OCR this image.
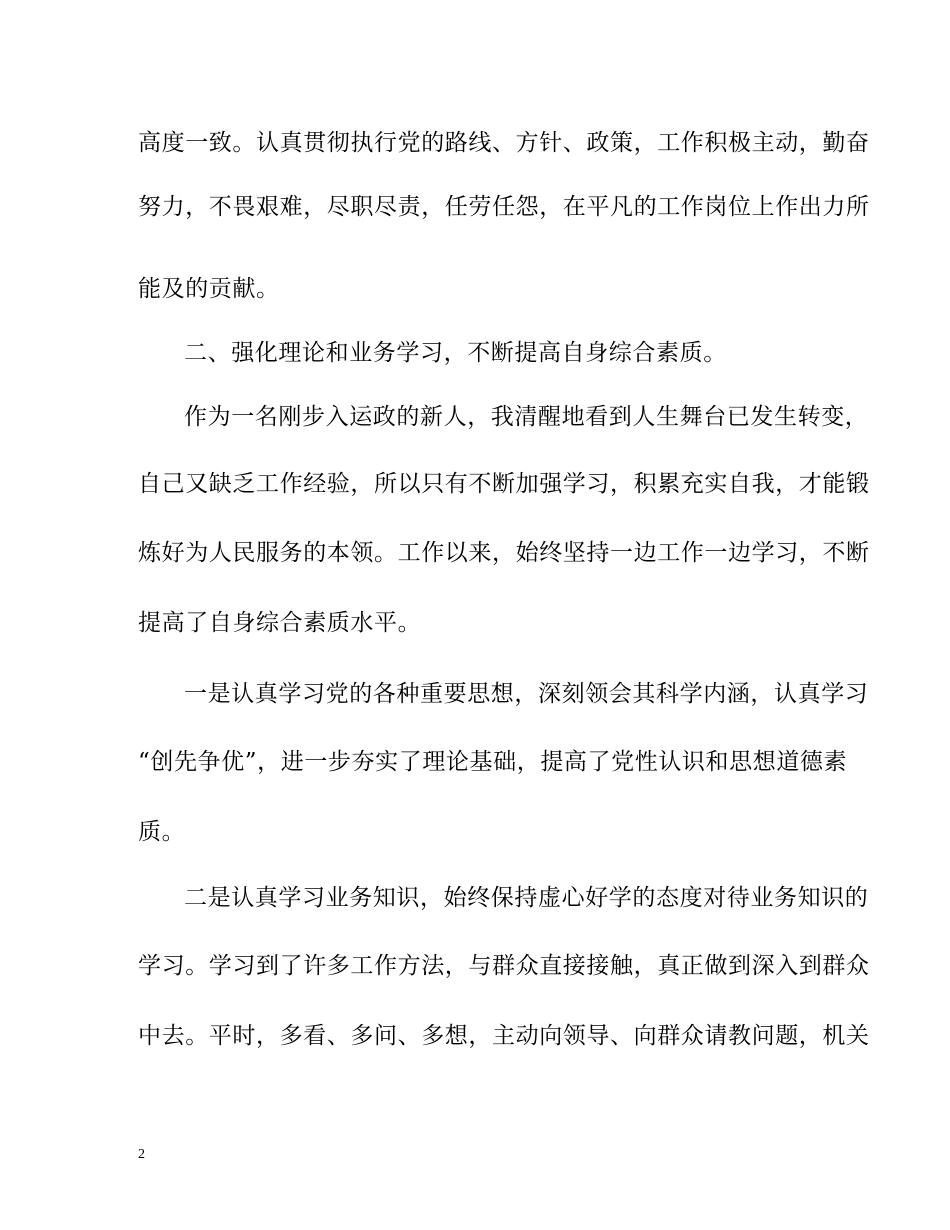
高度一致。认真贯彻执行党的路线、方针、政策，工作积极主动，勤奋
努力，不畏艰难，尽职尽责，任劳任怨，在平凡的工作岗位上作出力所
能及的贡献。
二、强化理论和业务学习，不断提高自身综合素质。
作为一名刚步入运政的新人，我清醒地看到人生舞台已发生转变，
自己又缺乏工作经验，所以只有不断加强学习，积累充实自我，才能锻
炼好为人民服务的本领。工作以来，始终坚持一边工作一边学习，不断
提高了自身综合素质水平。
一是认真学习党的各种重要思想，深刻领会其科学内涵，认真学习
“创先争优”，进一步夯实了理论基础，提高了党性认识和思想道德素
质。
二是认真学习业务知识，始终保持虚心好学的态度对待业务知识的
学习。学习到了许多工作方法，与群众直接接触，真正做到深入到群众
中去。平时，多看、多问、多想，主动向领导、向群众请教问题，机关
2
